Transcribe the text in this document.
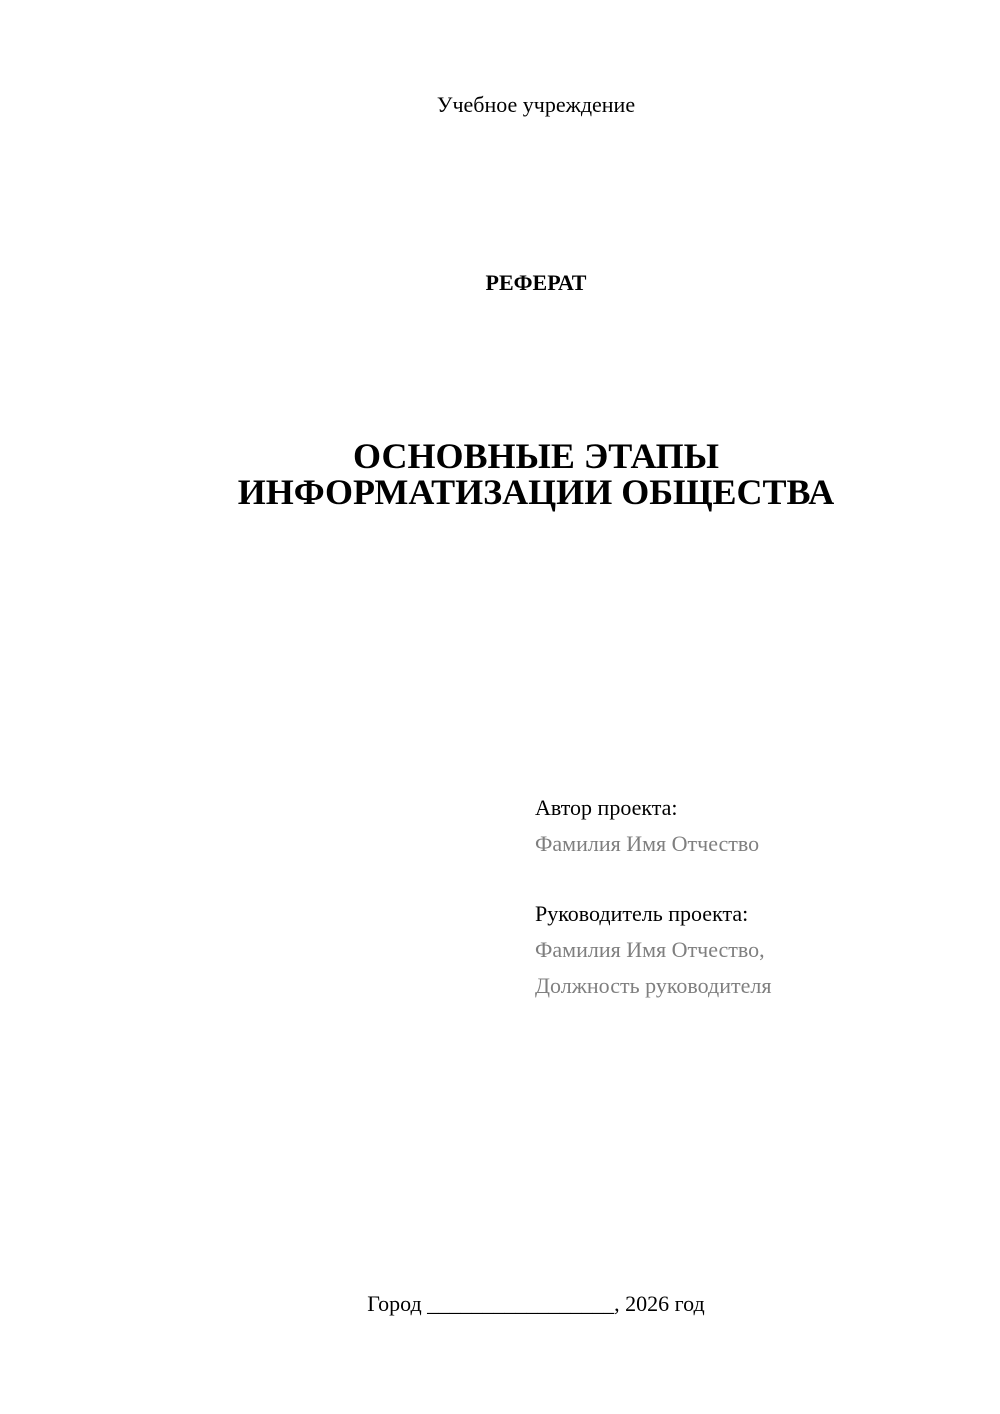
Учебное учреждение
РЕФЕРАТ
ОСНОВНЫЕ ЭТАПЫ
ИНФОРМАТИЗАЦИИ ОБЩЕСТВА
Автор проекта:
Фамилия Имя Отчество
Руководитель проекта:
Фамилия Имя Отчество,
Должность руководителя
Город _________________, 2026 год
